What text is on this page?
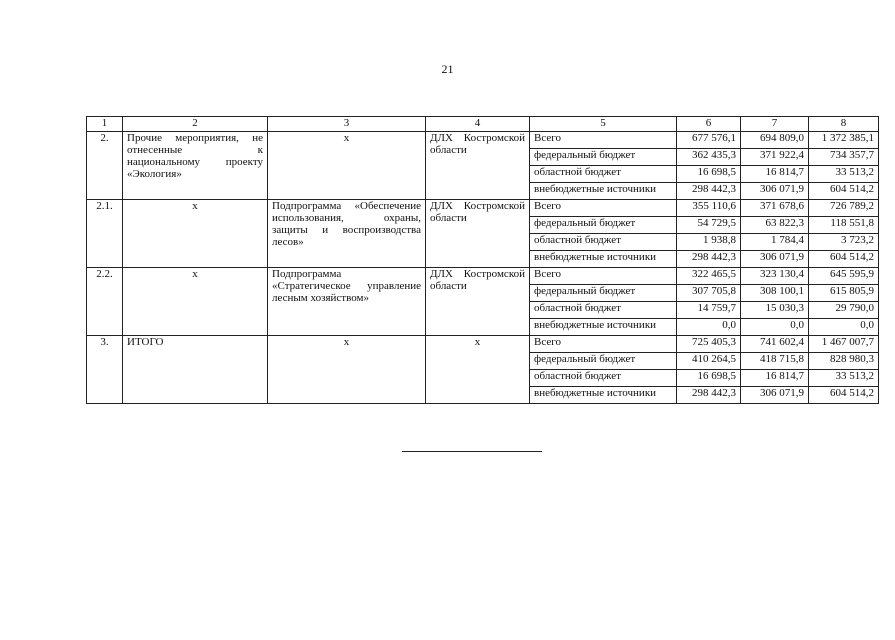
21
1	2	3	4	5	6	7	8
2.	Прочие мероприятия, не отнесенные к национальному проекту «Экология»	x	ДЛХ Костромской области	Всего	677 576,1	694 809,0	1 372 385,1
				федеральный бюджет	362 435,3	371 922,4	734 357,7
				областной бюджет	16 698,5	16 814,7	33 513,2
				внебюджетные источники	298 442,3	306 071,9	604 514,2
2.1.	x	Подпрограмма «Обеспечение использования, охраны, защиты и воспроизводства лесов»	ДЛХ Костромской области	Всего	355 110,6	371 678,6	726 789,2
				федеральный бюджет	54 729,5	63 822,3	118 551,8
				областной бюджет	1 938,8	1 784,4	3 723,2
				внебюджетные источники	298 442,3	306 071,9	604 514,2
2.2.	x	Подпрограмма «Стратегическое управление лесным хозяйством»	ДЛХ Костромской области	Всего	322 465,5	323 130,4	645 595,9
				федеральный бюджет	307 705,8	308 100,1	615 805,9
				областной бюджет	14 759,7	15 030,3	29 790,0
				внебюджетные источники	0,0	0,0	0,0
3.	ИТОГО	x	x	Всего	725 405,3	741 602,4	1 467 007,7
				федеральный бюджет	410 264,5	418 715,8	828 980,3
				областной бюджет	16 698,5	16 814,7	33 513,2
				внебюджетные источники	298 442,3	306 071,9	604 514,2
